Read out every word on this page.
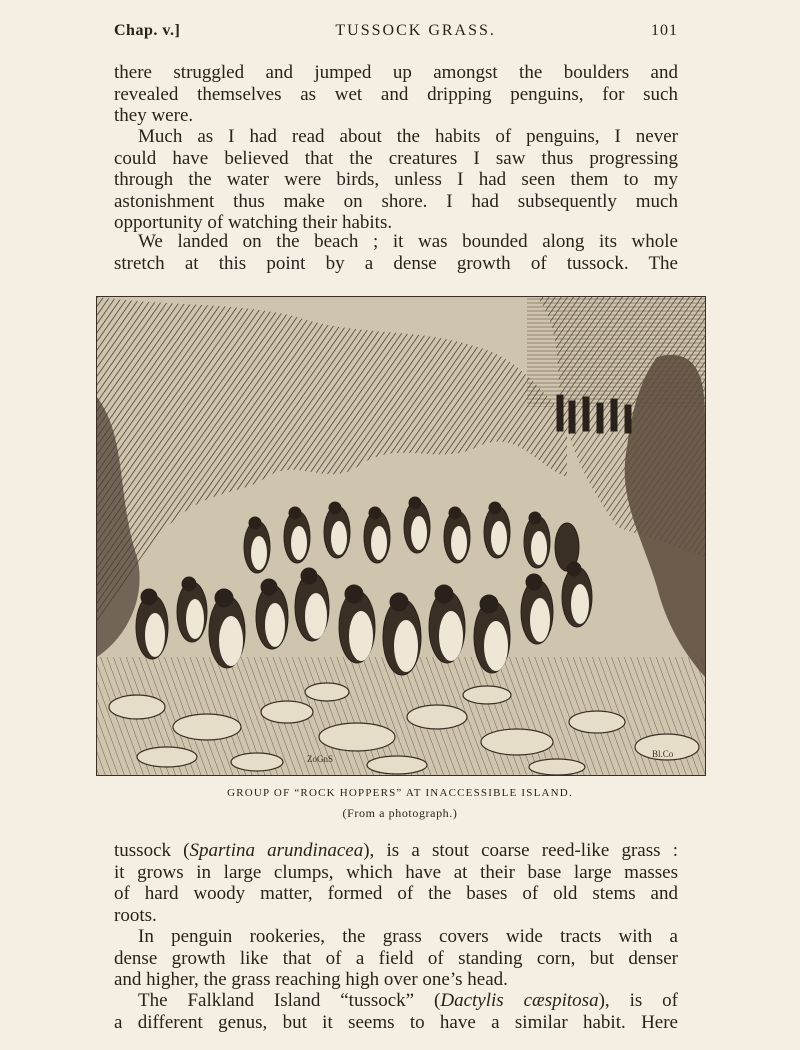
Chap. v.]	TUSSOCK GRASS.	101
there struggled and jumped up amongst the boulders and
revealed themselves as wet and dripping penguins, for such
they were.
Much as I had read about the habits of penguins, I never
could have believed that the creatures I saw thus progressing
through the water were birds, unless I had seen them to my
astonishment thus make on shore. I had subsequently much
opportunity of watching their habits.
We landed on the beach ; it was bounded along its whole
stretch at this point by a dense growth of tussock. The
ZoGnS	Bl.Co
GROUP OF “ROCK HOPPERS” AT INACCESSIBLE ISLAND.
(From a photograph.)
tussock (Spartina arundinacea), is a stout coarse reed-like grass :
it grows in large clumps, which have at their base large masses
of hard woody matter, formed of the bases of old stems and
roots.
In penguin rookeries, the grass covers wide tracts with a
dense growth like that of a field of standing corn, but denser
and higher, the grass reaching high over one’s head.
The Falkland Island “tussock” (Dactylis cæspitosa), is of
a different genus, but it seems to have a similar habit. Here
